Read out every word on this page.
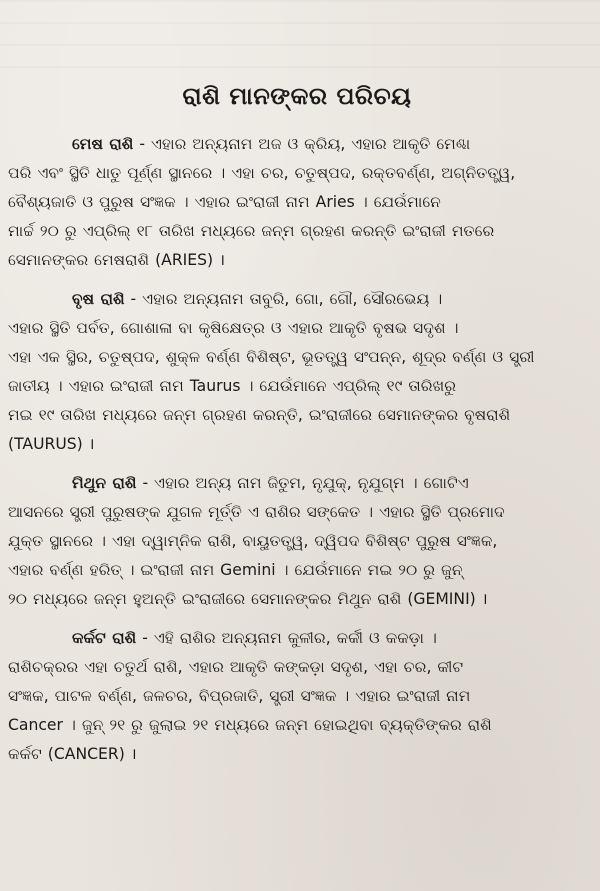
ରାଶି ମାନଙ୍କର ପରିଚୟ
ମେଷ ରାଶି - ଏହାର ଅନ୍ୟନାମ ଅଜ ଓ କ୍ରିୟ, ଏହାର ଆକୃତି ମେଣ୍ଢା
ପରି ଏବଂ ସ୍ଥିତି ଧାତୁ ପୂର୍ଣ୍ଣ ସ୍ଥାନରେ । ଏହା ଚର, ଚତୁଷ୍ପଦ, ରକ୍ତବର୍ଣ୍ଣ, ଅଗ୍ନିତତ୍ତ୍ୱ,
ବୈଶ୍ୟଜାତି ଓ ପୁରୁଷ ସଂଜ୍ଞକ । ଏହାର ଇଂରାଜୀ ନାମ Aries । ଯେଉଁମାନେ
ମାର୍ଚ୍ଚ ୨୦ ରୁ ଏପ୍ରିଲ୍ ୧୮ ତାରିଖ ମଧ୍ୟରେ ଜନ୍ମ ଗ୍ରହଣ କରନ୍ତି ଇଂରାଜୀ ମତରେ
ସେମାନଙ୍କର ମେଷରାଶି (ARIES) ।
ବୃଷ ରାଶି - ଏହାର ଅନ୍ୟନାମ ତାବୁରି, ଗୋ, ଗୌ, ସୌରଭେୟ ।
ଏହାର ସ୍ଥିତି ପର୍ବତ, ଗୋଶାଳା ବା କୃଷିକ୍ଷେତ୍ର ଓ ଏହାର ଆକୃତି ବୃଷଭ ସଦୃଶ ।
ଏହା ଏକ ସ୍ଥିର, ଚତୁଷ୍ପଦ, ଶୁକ୍ଳ ବର୍ଣ୍ଣ ବିଶିଷ୍ଟ, ଭୂତତ୍ତ୍ୱ ସଂପନ୍ନ, ଶୂଦ୍ର ବର୍ଣ୍ଣ ଓ ସ୍ତ୍ରୀ
ଜାତୀୟ । ଏହାର ଇଂରାଜୀ ନାମ Taurus । ଯେଉଁମାନେ ଏପ୍ରିଲ୍ ୧୯ ତାରିଖରୁ
ମଇ ୧୯ ତାରିଖ ମଧ୍ୟରେ ଜନ୍ମ ଗ୍ରହଣ କରନ୍ତି, ଇଂରାଜୀରେ ସେମାନଙ୍କର ବୃଷରାଶି
(TAURUS) ।
ମିଥୁନ ରାଶି - ଏହାର ଅନ୍ୟ ନାମ ଜିତୁମ, ନୃଯୁକ୍, ନୃଯୁଗ୍ମ । ଗୋଟିଏ
ଆସନରେ ସ୍ତ୍ରୀ ପୁରୁଷଙ୍କ ଯୁଗଳ ମୂର୍ତ୍ତି ଏ ରାଶିର ସଙ୍କେତ । ଏହାର ସ୍ଥିତି ପ୍ରମୋଦ
ଯୁକ୍ତ ସ୍ଥାନରେ । ଏହା ଦ୍ୱାମ୍ନିକ ରାଶି, ବାୟୁତତ୍ତ୍ୱ, ଦ୍ୱିପଦ ବିଶିଷ୍ଟ ପୁରୁଷ ସଂଜ୍ଞକ,
ଏହାର ବର୍ଣ୍ଣ ହରିତ୍ । ଇଂରାଜୀ ନାମ Gemini । ଯେଉଁମାନେ ମଇ ୨୦ ରୁ ଜୁନ୍
୨୦ ମଧ୍ୟରେ ଜନ୍ମ ହୁଅନ୍ତି ଇଂରାଜୀରେ ସେମାନଙ୍କର ମିଥୁନ ରାଶି (GEMINI) ।
କର୍କଟ ରାଶି - ଏହି ରାଶିର ଅନ୍ୟନାମ କୁଳୀର, କର୍କୀ ଓ କକଡ଼ା ।
ରାଶିଚକ୍ରର ଏହା ଚତୁର୍ଥ ରାଶି, ଏହାର ଆକୃତି କଙ୍କଡ଼ା ସଦୃଶ, ଏହା ଚର, କୀଟ
ସଂଜ୍ଞକ, ପାଟଳ ବର୍ଣ୍ଣ, ଜଳଚର, ବିପ୍ରଜାତି, ସ୍ତ୍ରୀ ସଂଜ୍ଞକ । ଏହାର ଇଂରାଜୀ ନାମ
Cancer । ଜୁନ୍ ୨୧ ରୁ ଜୁଲାଇ ୨୧ ମଧ୍ୟରେ ଜନ୍ମ ହୋଇଥିବା ବ୍ୟକ୍ତିଙ୍କର ରାଶି
କର୍କଟ (CANCER) ।
